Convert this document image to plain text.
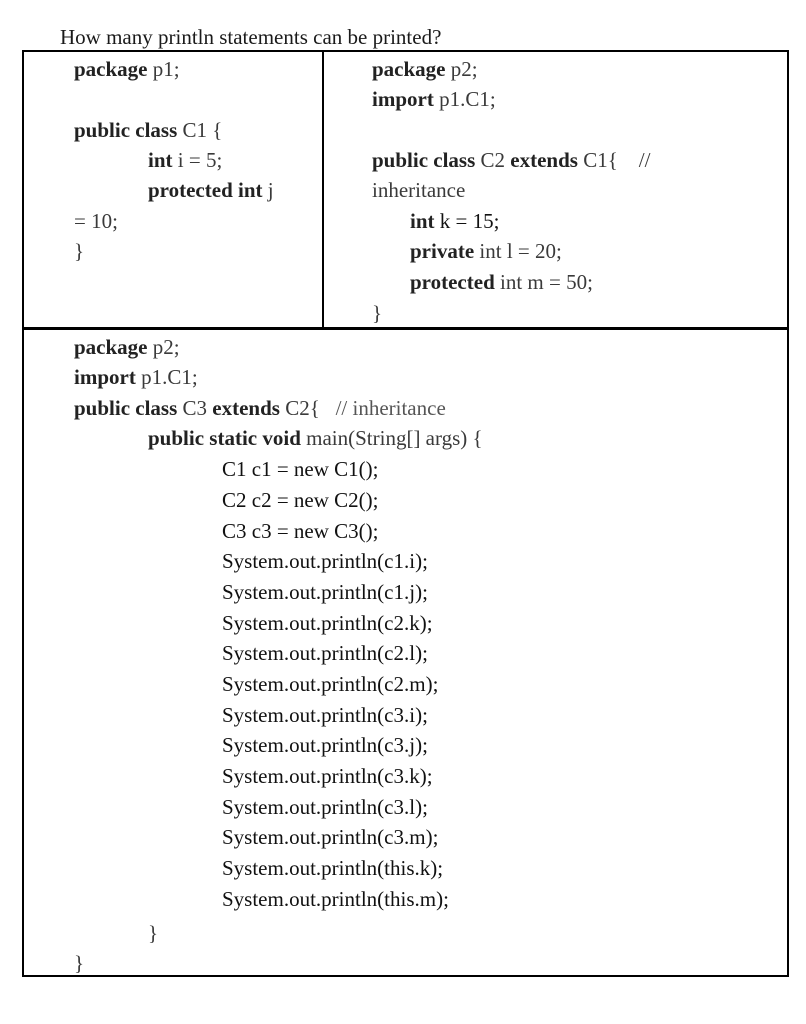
How many println statements can be printed?
package p1;
public class C1 {
int i = 5;
protected int j
= 10;
}
package p2;
import p1.C1;
public class C2 extends C1{    //
inheritance
int k = 15;
private int l = 20;
protected int m = 50;
}
package p2;
import p1.C1;
public class C3 extends C2{   // inheritance
public static void main(String[] args) {
C1 c1 = new C1();
C2 c2 = new C2();
C3 c3 = new C3();
System.out.println(c1.i);
System.out.println(c1.j);
System.out.println(c2.k);
System.out.println(c2.l);
System.out.println(c2.m);
System.out.println(c3.i);
System.out.println(c3.j);
System.out.println(c3.k);
System.out.println(c3.l);
System.out.println(c3.m);
System.out.println(this.k);
System.out.println(this.m);
}
}
